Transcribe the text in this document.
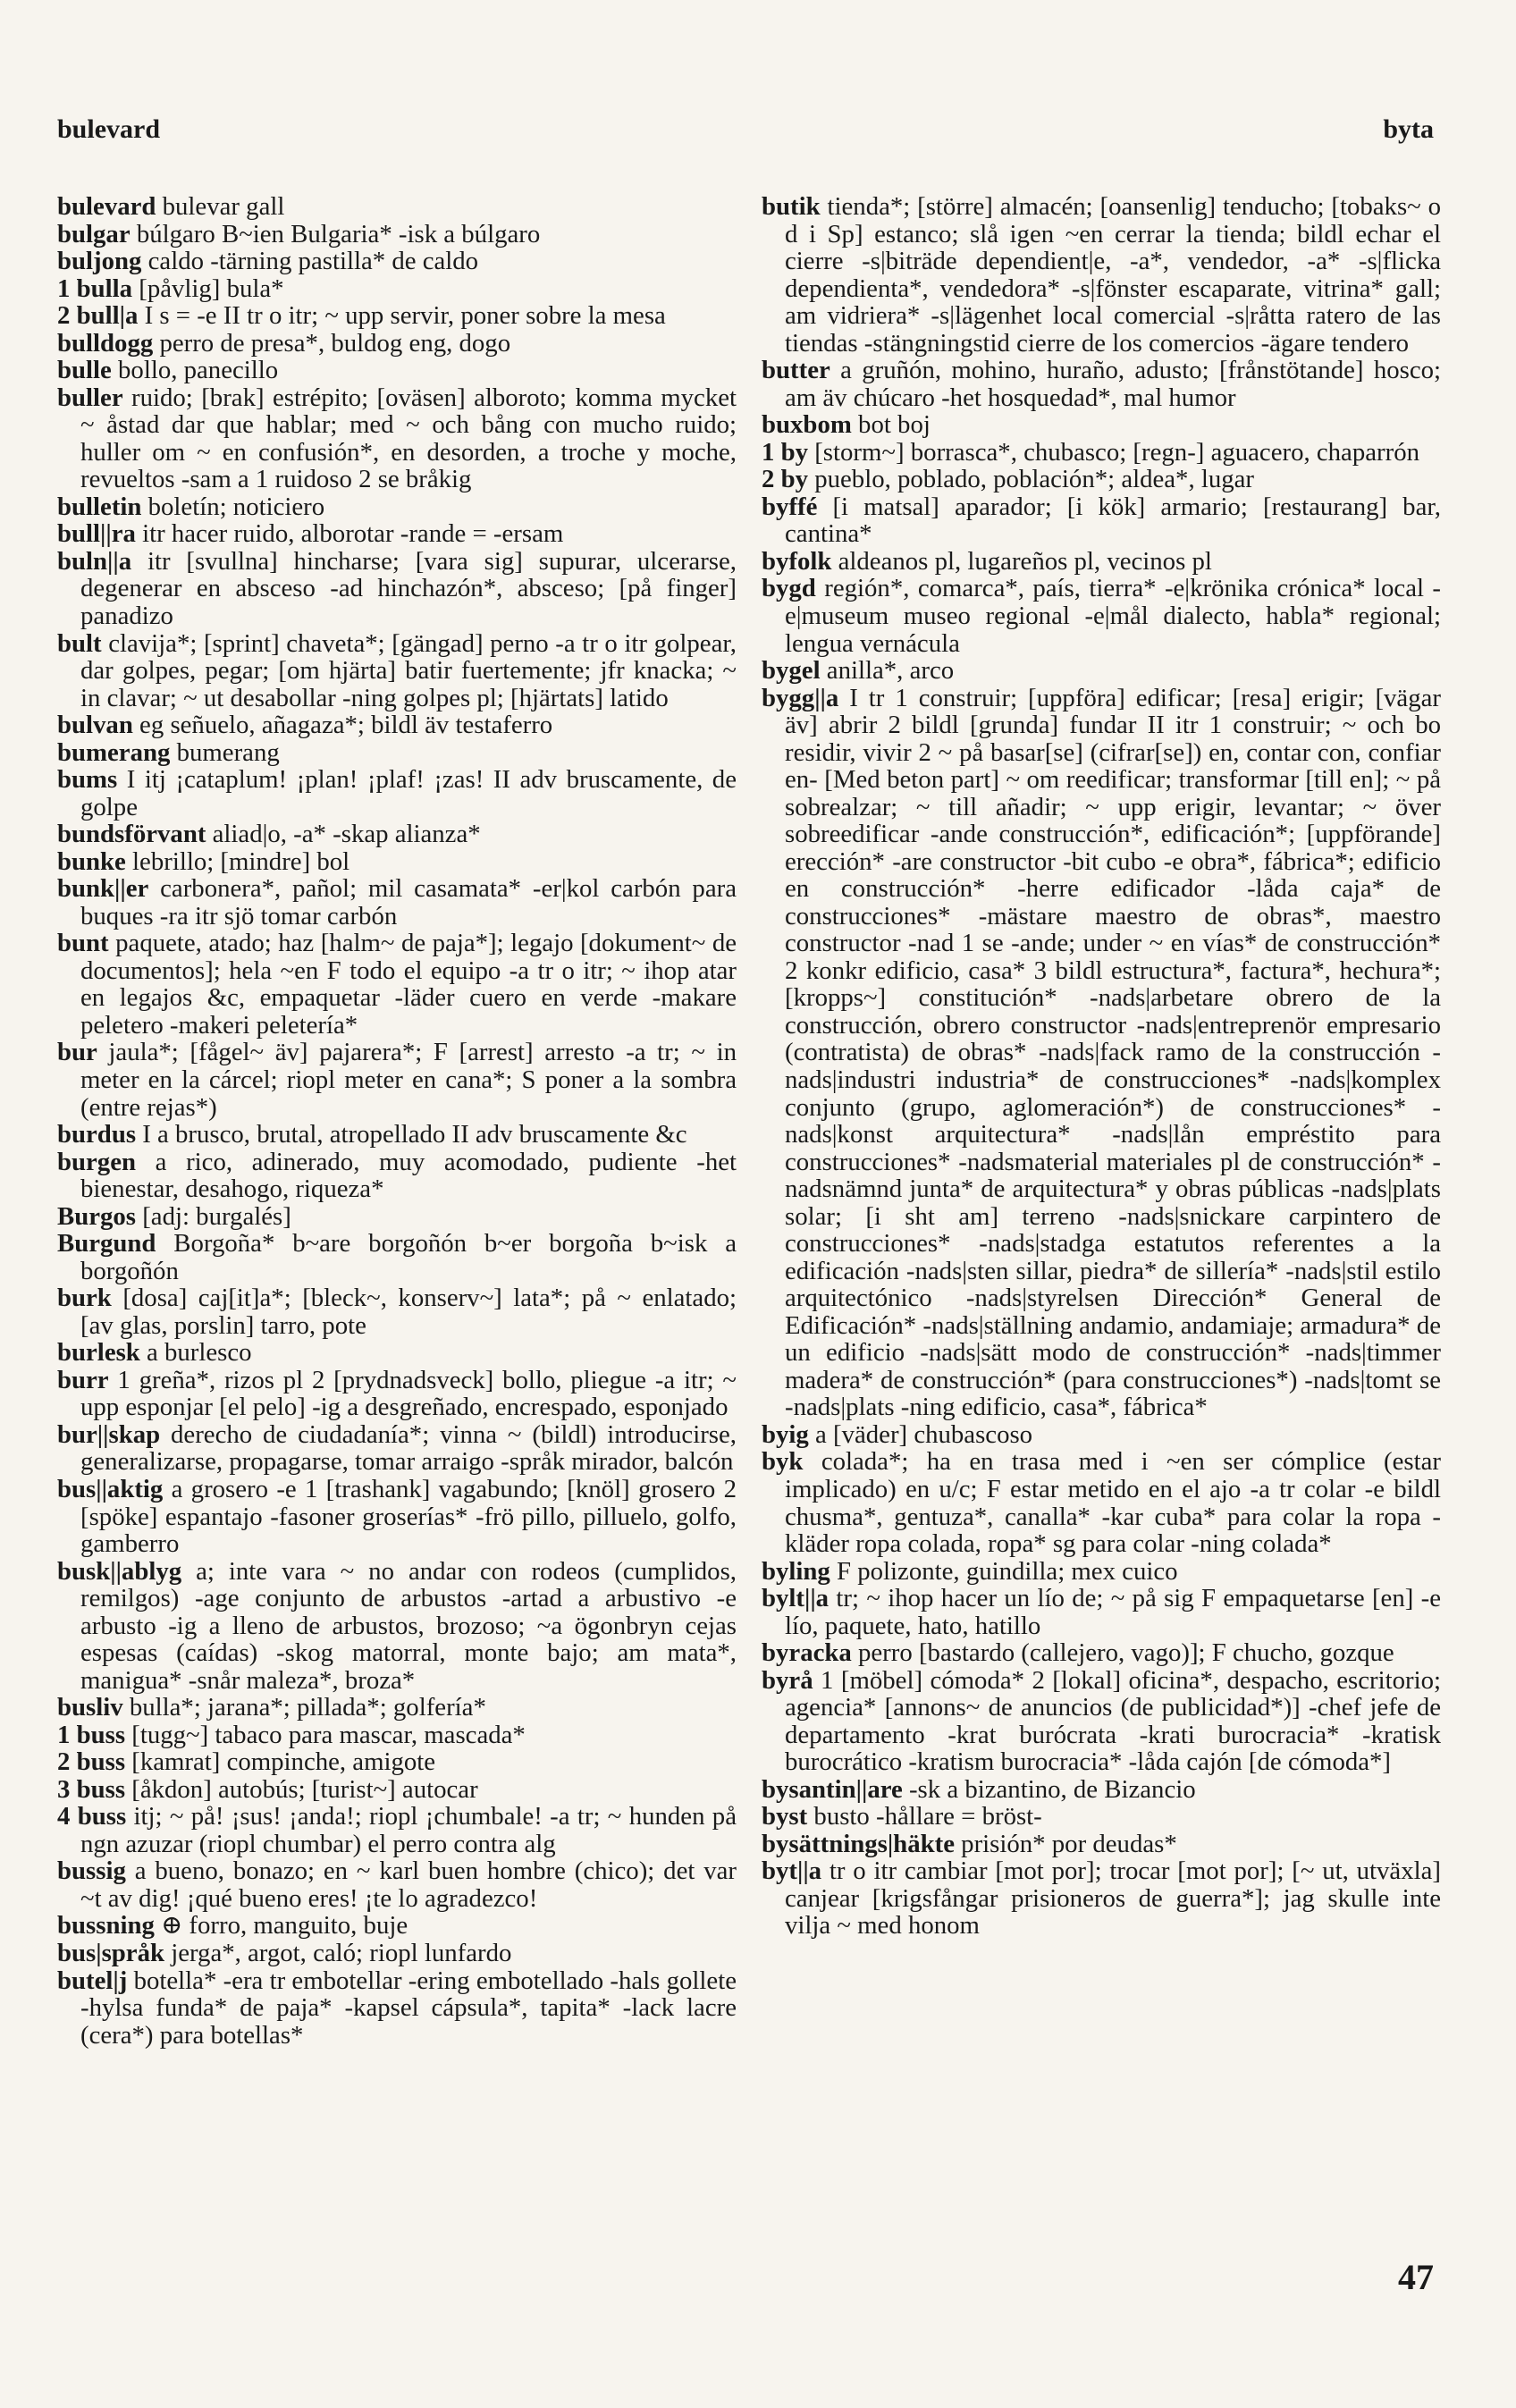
bulevard	byta

bulevard bulevar gall

bulgar búlgaro B~ien Bulgaria* -isk a búlgaro

buljong caldo -tärning pastilla* de caldo

1 bulla [påvlig] bula*

2 bull|a I s = -e II tr o itr; ~ upp servir, poner sobre la mesa

bulldogg perro de presa*, buldog eng, dogo

bulle bollo, panecillo

buller ruido; [brak] estrépito; [oväsen] alboroto; komma mycket ~ åstad dar que hablar; med ~ och bång con mucho ruido; huller om ~ en confusión*, en desorden, a troche y moche, revueltos -sam a 1 ruidoso 2 se bråkig

bulletin boletín; noticiero

bull||ra itr hacer ruido, alborotar -rande = -ersam

buln||a itr [svullna] hincharse; [vara sig] supurar, ulcerarse, degenerar en absceso -ad hinchazón*, absceso; [på finger] panadizo

bult clavija*; [sprint] chaveta*; [gängad] perno -a tr o itr golpear, dar golpes, pegar; [om hjärta] batir fuertemente; jfr knacka; ~ in clavar; ~ ut desabollar -ning golpes pl; [hjärtats] latido

bulvan eg señuelo, añagaza*; bildl äv testaferro

bumerang bumerang

bums I itj ¡cataplum! ¡plan! ¡plaf! ¡zas! II adv bruscamente, de golpe

bundsförvant aliad|o, -a* -skap alianza*

bunke lebrillo; [mindre] bol

bunk||er carbonera*, pañol; mil casamata* -er|kol carbón para buques -ra itr sjö tomar carbón

bunt paquete, atado; haz [halm~ de paja*]; legajo [dokument~ de documentos]; hela ~en F todo el equipo -a tr o itr; ~ ihop atar en legajos &c, empaquetar -läder cuero en verde -makare peletero -makeri peletería*

bur jaula*; [fågel~ äv] pajarera*; F [arrest] arresto -a tr; ~ in meter en la cárcel; riopl meter en cana*; S poner a la sombra (entre rejas*)

burdus I a brusco, brutal, atropellado II adv bruscamente &c

burgen a rico, adinerado, muy acomodado, pudiente -het bienestar, desahogo, riqueza*

Burgos [adj: burgalés]

Burgund Borgoña* b~are borgoñón b~er borgoña b~isk a borgoñón

burk [dosa] caj[it]a*; [bleck~, konserv~] lata*; på ~ enlatado; [av glas, porslin] tarro, pote

burlesk a burlesco

burr 1 greña*, rizos pl 2 [prydnadsveck] bollo, pliegue -a itr; ~ upp esponjar [el pelo] -ig a desgreñado, encrespado, esponjado

bur||skap derecho de ciudadanía*; vinna ~ (bildl) introducirse, generalizarse, propagarse, tomar arraigo -språk mirador, balcón

bus||aktig a grosero -e 1 [trashank] vagabundo; [knöl] grosero 2 [spöke] espantajo -fasoner groserías* -frö pillo, pilluelo, golfo, gamberro

busk||ablyg a; inte vara ~ no andar con rodeos (cumplidos, remilgos) -age conjunto de arbustos -artad a arbustivo -e arbusto -ig a lleno de arbustos, brozoso; ~a ögonbryn cejas espesas (caídas) -skog matorral, monte bajo; am mata*, manigua* -snår maleza*, broza*

busliv bulla*; jarana*; pillada*; golfería*

1 buss [tugg~] tabaco para mascar, mascada*

2 buss [kamrat] compinche, amigote

3 buss [åkdon] autobús; [turist~] autocar

4 buss itj; ~ på! ¡sus! ¡anda!; riopl ¡chumbale! -a tr; ~ hunden på ngn azuzar (riopl chumbar) el perro contra alg

bussig a bueno, bonazo; en ~ karl buen hombre (chico); det var ~t av dig! ¡qué bueno eres! ¡te lo agradezco!

bussning ⊕ forro, manguito, buje

bus|språk jerga*, argot, caló; riopl lunfardo

butel|j botella* -era tr embotellar -ering embotellado -hals gollete -hylsa funda* de paja* -kapsel cápsula*, tapita* -lack lacre (cera*) para botellas*

butik tienda*; [större] almacén; [oansenlig] tenducho; [tobaks~ o d i Sp] estanco; slå igen ~en cerrar la tienda; bildl echar el cierre -s|biträde dependient|e, -a*, vendedor, -a* -s|flicka dependienta*, vendedora* -s|fönster escaparate, vitrina* gall; am vidriera* -s|lägenhet local comercial -s|råtta ratero de las tiendas -stängningstid cierre de los comercios -ägare tendero

butter a gruñón, mohino, huraño, adusto; [frånstötande] hosco; am äv chúcaro -het hosquedad*, mal humor

buxbom bot boj

1 by [storm~] borrasca*, chubasco; [regn-] aguacero, chaparrón

2 by pueblo, poblado, población*; aldea*, lugar

byffé [i matsal] aparador; [i kök] armario; [restaurang] bar, cantina*

byfolk aldeanos pl, lugareños pl, vecinos pl

bygd región*, comarca*, país, tierra* -e|krönika crónica* local -e|museum museo regional -e|mål dialecto, habla* regional; lengua vernácula

bygel anilla*, arco

bygg||a I tr 1 construir; [uppföra] edificar; [resa] erigir; [vägar äv] abrir 2 bildl [grunda] fundar II itr 1 construir; ~ och bo residir, vivir 2 ~ på basar[se] (cifrar[se]) en, contar con, confiar en- [Med beton part] ~ om reedificar; transformar [till en]; ~ på sobrealzar; ~ till añadir; ~ upp erigir, levantar; ~ över sobreedificar -ande construcción*, edificación*; [uppförande] erección* -are constructor -bit cubo -e obra*, fábrica*; edificio en construcción* -herre edificador -låda caja* de construcciones* -mästare maestro de obras*, maestro constructor -nad 1 se -ande; under ~ en vías* de construcción* 2 konkr edificio, casa* 3 bildl estructura*, factura*, hechura*; [kropps~] constitución* -nads|arbetare obrero de la construcción, obrero constructor -nads|entreprenör empresario (contratista) de obras* -nads|fack ramo de la construcción -nads|industri industria* de construcciones* -nads|komplex conjunto (grupo, aglomeración*) de construcciones* -nads|konst arquitectura* -nads|lån empréstito para construcciones* -nadsmaterial materiales pl de construcción* -nadsnämnd junta* de arquitectura* y obras públicas -nads|plats solar; [i sht am] terreno -nads|snickare carpintero de construcciones* -nads|stadga estatutos referentes a la edificación -nads|sten sillar, piedra* de sillería* -nads|stil estilo arquitectónico -nads|styrelsen Dirección* General de Edificación* -nads|ställning andamio, andamiaje; armadura* de un edificio -nads|sätt modo de construcción* -nads|timmer madera* de construcción* (para construcciones*) -nads|tomt se -nads|plats -ning edificio, casa*, fábrica*

byig a [väder] chubascoso

byk colada*; ha en trasa med i ~en ser cómplice (estar implicado) en u/c; F estar metido en el ajo -a tr colar -e bildl chusma*, gentuza*, canalla* -kar cuba* para colar la ropa -kläder ropa colada, ropa* sg para colar -ning colada*

byling F polizonte, guindilla; mex cuico

bylt||a tr; ~ ihop hacer un lío de; ~ på sig F empaquetarse [en] -e lío, paquete, hato, hatillo

byracka perro [bastardo (callejero, vago)]; F chucho, gozque

byrå 1 [möbel] cómoda* 2 [lokal] oficina*, despacho, escritorio; agencia* [annons~ de anuncios (de publicidad*)] -chef jefe de departamento -krat burócrata -krati burocracia* -kratisk burocrático -kratism burocracia* -låda cajón [de cómoda*]

bysantin||are -sk a bizantino, de Bizancio

byst busto -hållare = bröst-

bysättnings|häkte prisión* por deudas*

byt||a tr o itr cambiar [mot por]; trocar [mot por]; [~ ut, utväxla] canjear [krigsfångar prisioneros de guerra*]; jag skulle inte vilja ~ med honom

47
